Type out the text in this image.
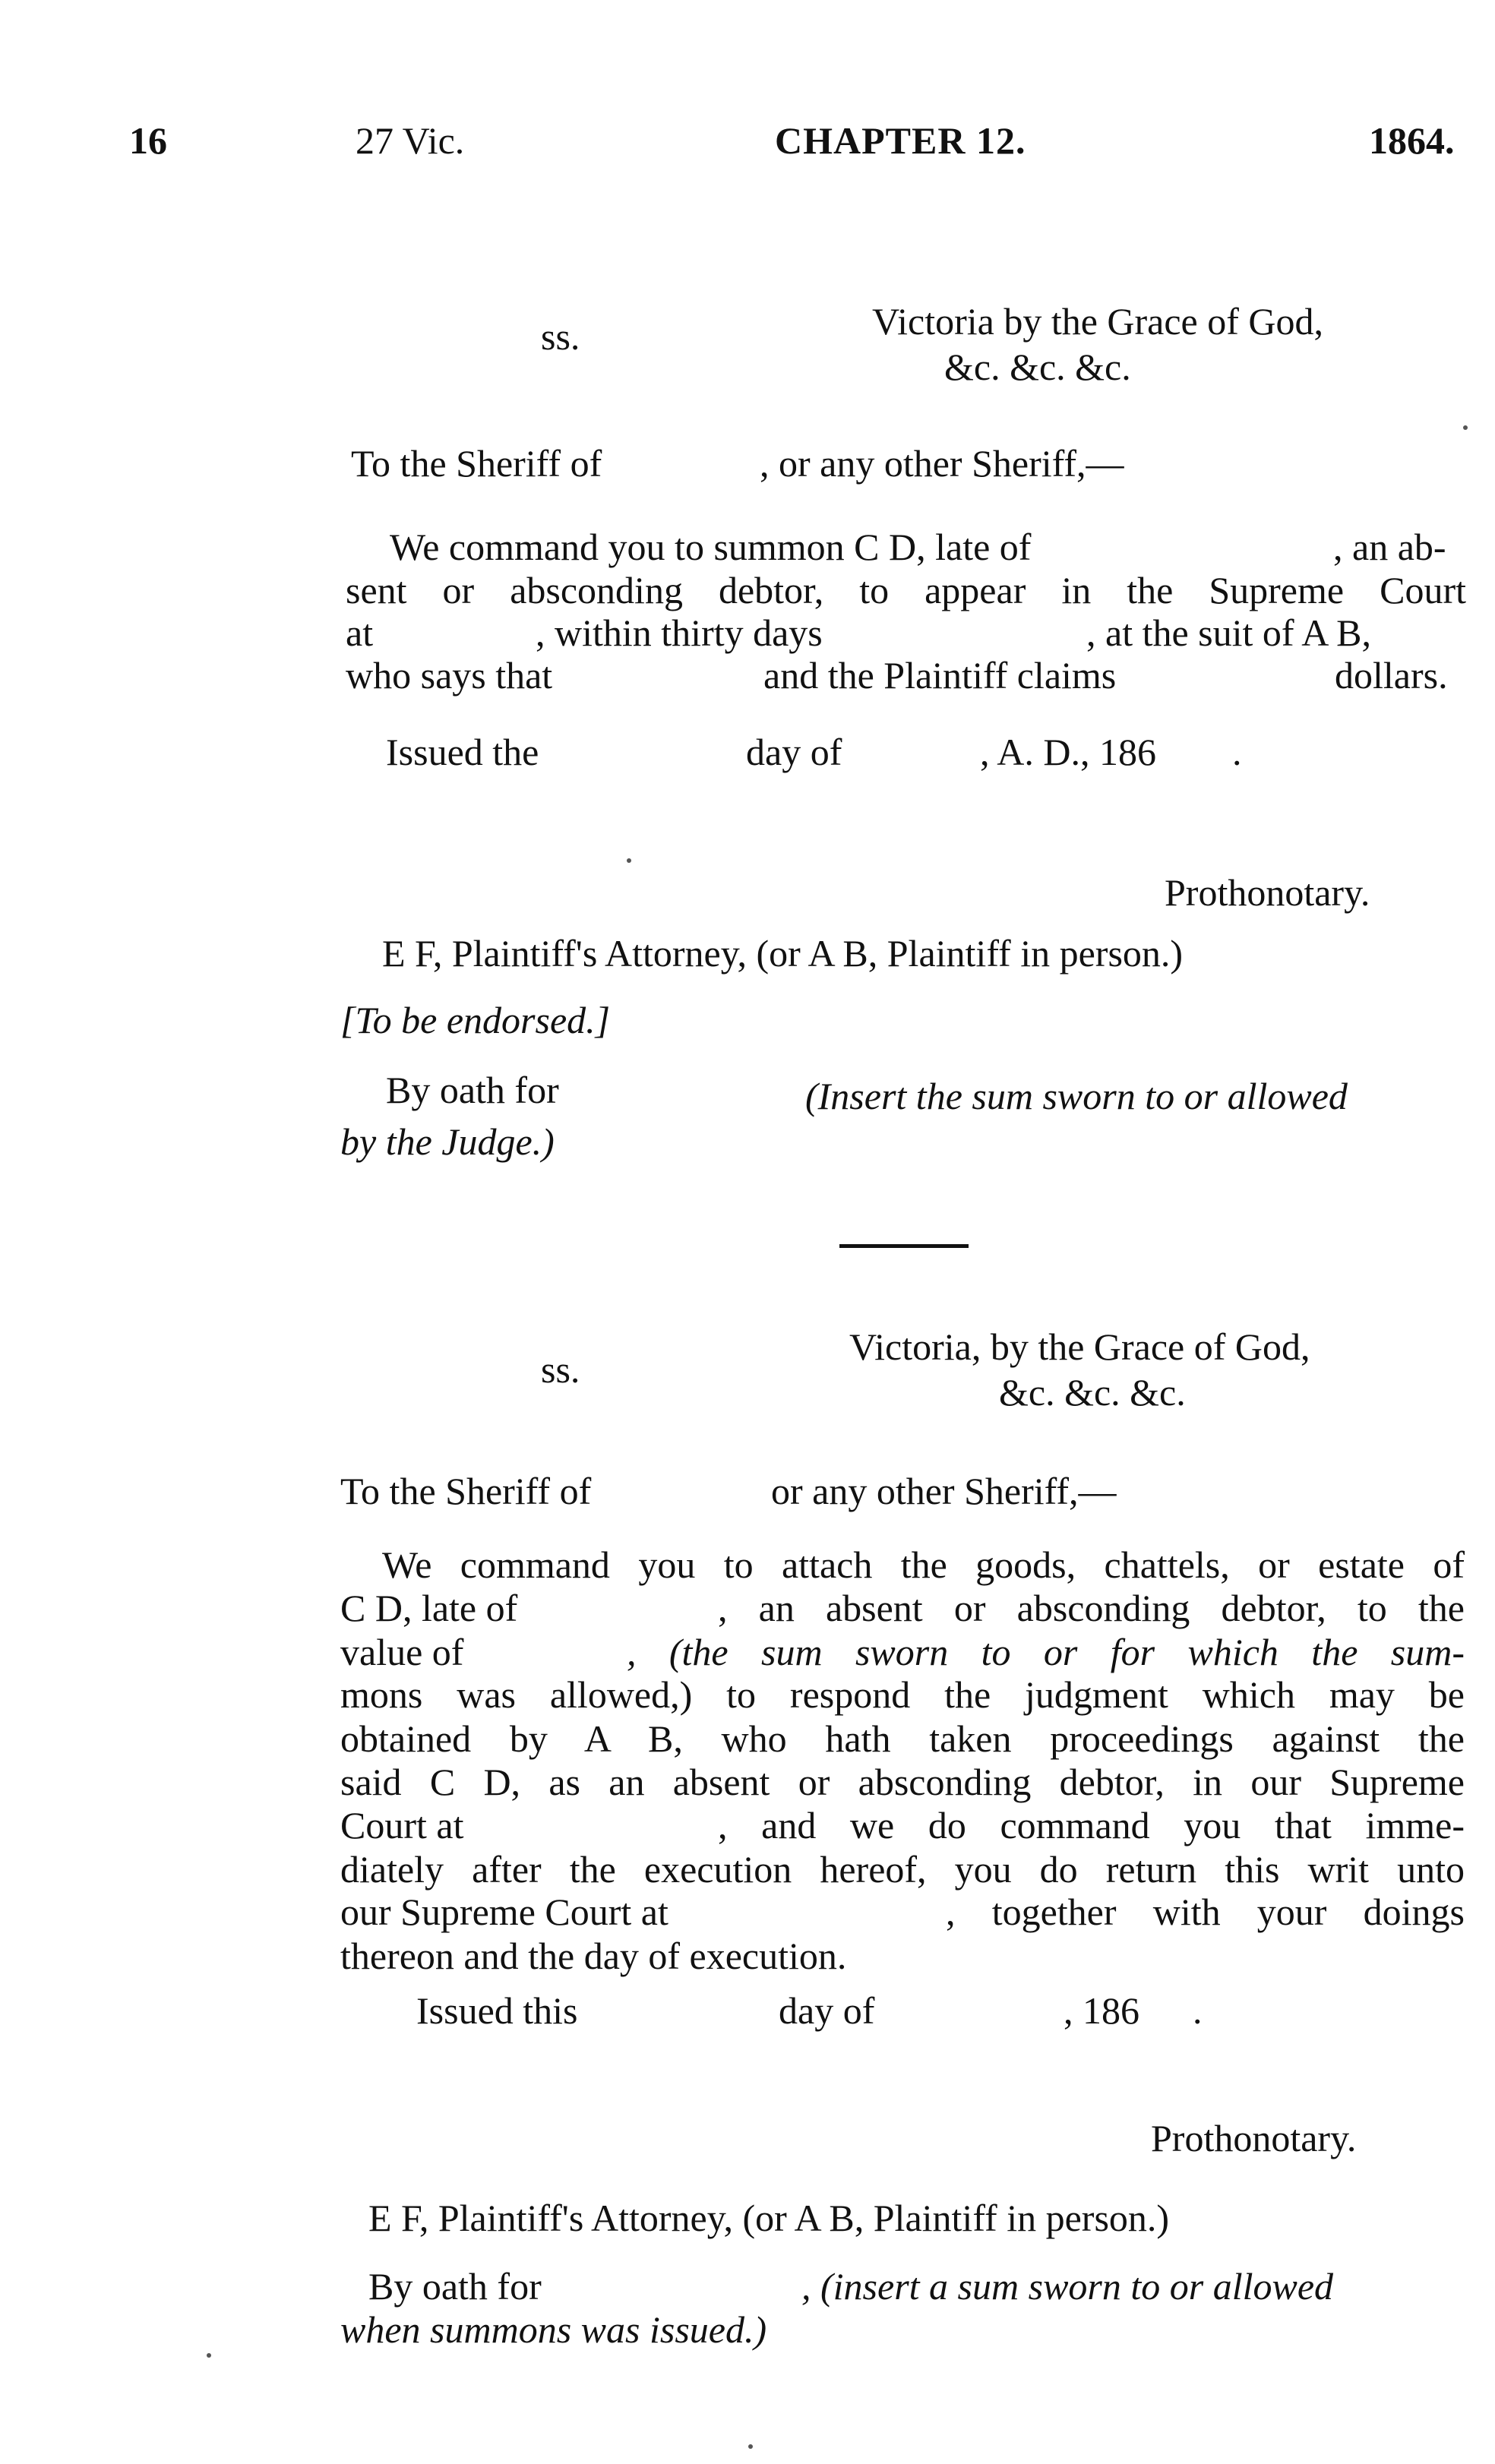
16	27 Vic.	CHAPTER 12.	1864.
ss.	Victoria by the Grace of God,
&c. &c. &c.
To the Sheriff of	, or any other Sheriff,—
We command you to summon C D, late of	, an ab-
sent or absconding debtor, to appear in the Supreme Court
at	, within thirty days	, at the suit of A B,
who says that	and the Plaintiff claims	dollars.
Issued the	day of	, A. D., 186 .
Prothonotary.
E F, Plaintiff's Attorney, (or A B, Plaintiff in person.)
[To be endorsed.]
By oath for	(Insert the sum sworn to or allowed
by the Judge.)
ss.
Victoria, by the Grace of God,
&c. &c. &c.
To the Sheriff of	or any other Sheriff,—
We command you to attach the goods, chattels, or estate of
C D, late of	, an absent or absconding debtor, to the
value of	, (the sum sworn to or for which the sum-
mons was allowed,) to respond the judgment which may be
obtained by A B, who hath taken proceedings against the
said C D, as an absent or absconding debtor, in our Supreme
Court at	, and we do command you that imme-
diately after the execution hereof, you do return this writ unto
our Supreme Court at	, together with your doings
thereon and the day of execution.
Issued this	day of	, 186 .
Prothonotary.
E F, Plaintiff's Attorney, (or A B, Plaintiff in person.)
By oath for	, (insert a sum sworn to or allowed
when summons was issued.)
